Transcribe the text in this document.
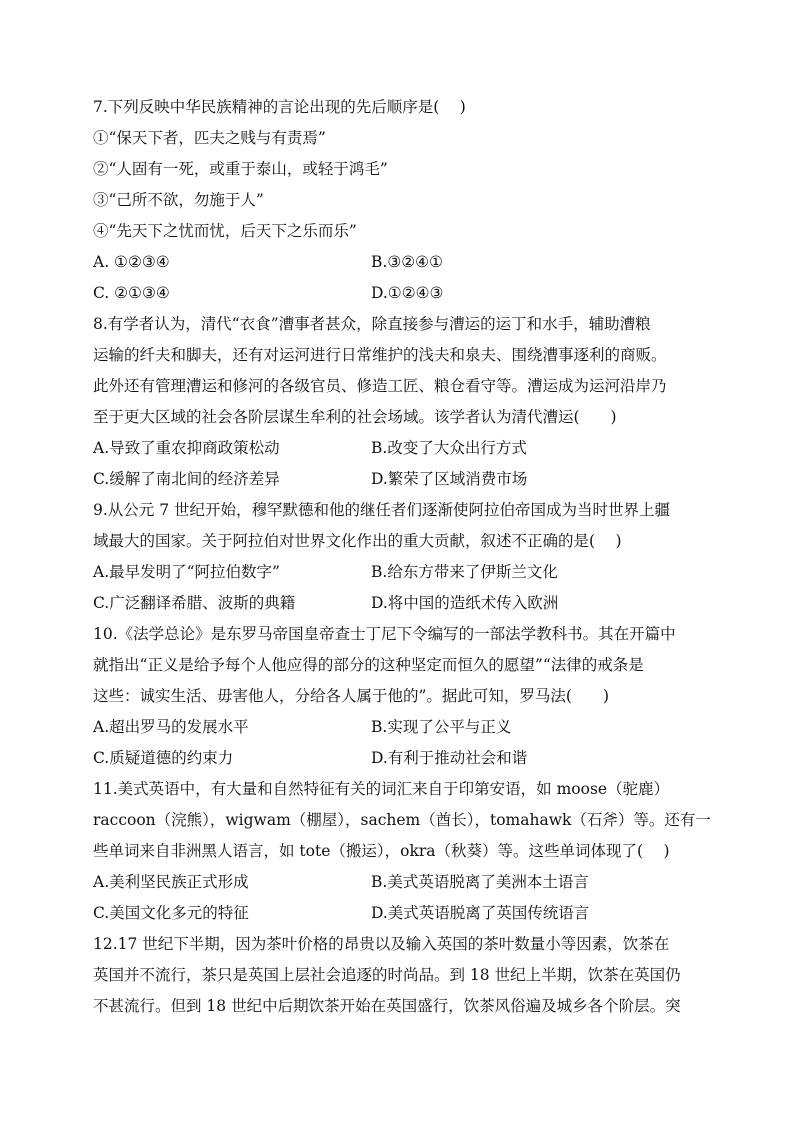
7.下列反映中华民族精神的言论出现的先后顺序是(　 )
①“保天下者，匹夫之贱与有责焉”
②“人固有一死，或重于泰山，或轻于鸿毛”
③“己所不欲，勿施于人”
④“先天下之忧而忧，后天下之乐而乐”
A. ①②③④	B.③②④①
C. ②①③④	D.①②④③
8.有学者认为，清代“衣食”漕事者甚众，除直接参与漕运的运丁和水手，辅助漕粮
运输的纤夫和脚夫，还有对运河进行日常维护的浅夫和泉夫、围绕漕事逐利的商贩。
此外还有管理漕运和修河的各级官员、修造工匠、粮仓看守等。漕运成为运河沿岸乃
至于更大区域的社会各阶层谋生牟利的社会场域。该学者认为清代漕运(　　)
A.导致了重农抑商政策松动	B.改变了大众出行方式
C.缓解了南北间的经济差异	D.繁荣了区域消费市场
9.从公元 7 世纪开始，穆罕默德和他的继任者们逐渐使阿拉伯帝国成为当时世界上疆
域最大的国家。关于阿拉伯对世界文化作出的重大贡献，叙述不正确的是(　 )
A.最早发明了“阿拉伯数字”	B.给东方带来了伊斯兰文化
C.广泛翻译希腊、波斯的典籍	D.将中国的造纸术传入欧洲
10.《法学总论》是东罗马帝国皇帝查士丁尼下令编写的一部法学教科书。其在开篇中
就指出“正义是给予每个人他应得的部分的这种坚定而恒久的愿望”“法律的戒条是
这些：诚实生活、毋害他人，分给各人属于他的”。据此可知，罗马法(　　)
A.超出罗马的发展水平	B.实现了公平与正义
C.质疑道德的约束力	D.有利于推动社会和谐
11.美式英语中，有大量和自然特征有关的词汇来自于印第安语，如 moose（驼鹿）
raccoon（浣熊），wigwam（棚屋），sachem（酋长），tomahawk（石斧）等。还有一
些单词来自非洲黑人语言，如 tote（搬运），okra（秋葵）等。这些单词体现了(　 )
A.美利坚民族正式形成	B.美式英语脱离了美洲本土语言
C.美国文化多元的特征	D.美式英语脱离了英国传统语言
12.17 世纪下半期，因为茶叶价格的昂贵以及输入英国的茶叶数量小等因素，饮茶在
英国并不流行，茶只是英国上层社会追逐的时尚品。到 18 世纪上半期，饮茶在英国仍
不甚流行。但到 18 世纪中后期饮茶开始在英国盛行，饮茶风俗遍及城乡各个阶层。突
